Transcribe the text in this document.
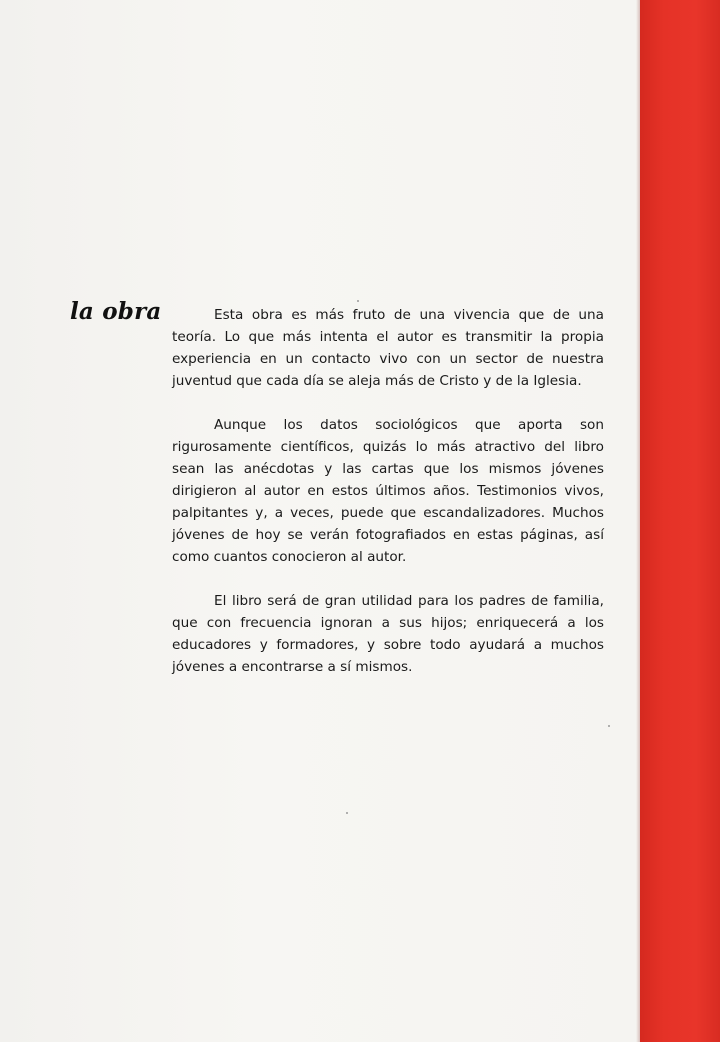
la obra	Esta obra es más fruto de una vivencia que de una teoría. Lo que más intenta el autor es transmitir la propia experiencia en un contacto vivo con un sector de nuestra juventud que cada día se aleja más de Cristo y de la Iglesia.

Aunque los datos sociológicos que aporta son rigurosamente científicos, quizás lo más atractivo del libro sean las anécdotas y las cartas que los mismos jóvenes dirigieron al autor en estos últimos años. Testimonios vivos, palpitantes y, a veces, puede que escandalizadores. Muchos jóvenes de hoy se verán fotografiados en estas páginas, así como cuantos conocieron al autor.

El libro será de gran utilidad para los padres de familia, que con frecuencia ignoran a sus hijos; enriquecerá a los educadores y formadores, y sobre todo ayudará a muchos jóvenes a encontrarse a sí mismos.
